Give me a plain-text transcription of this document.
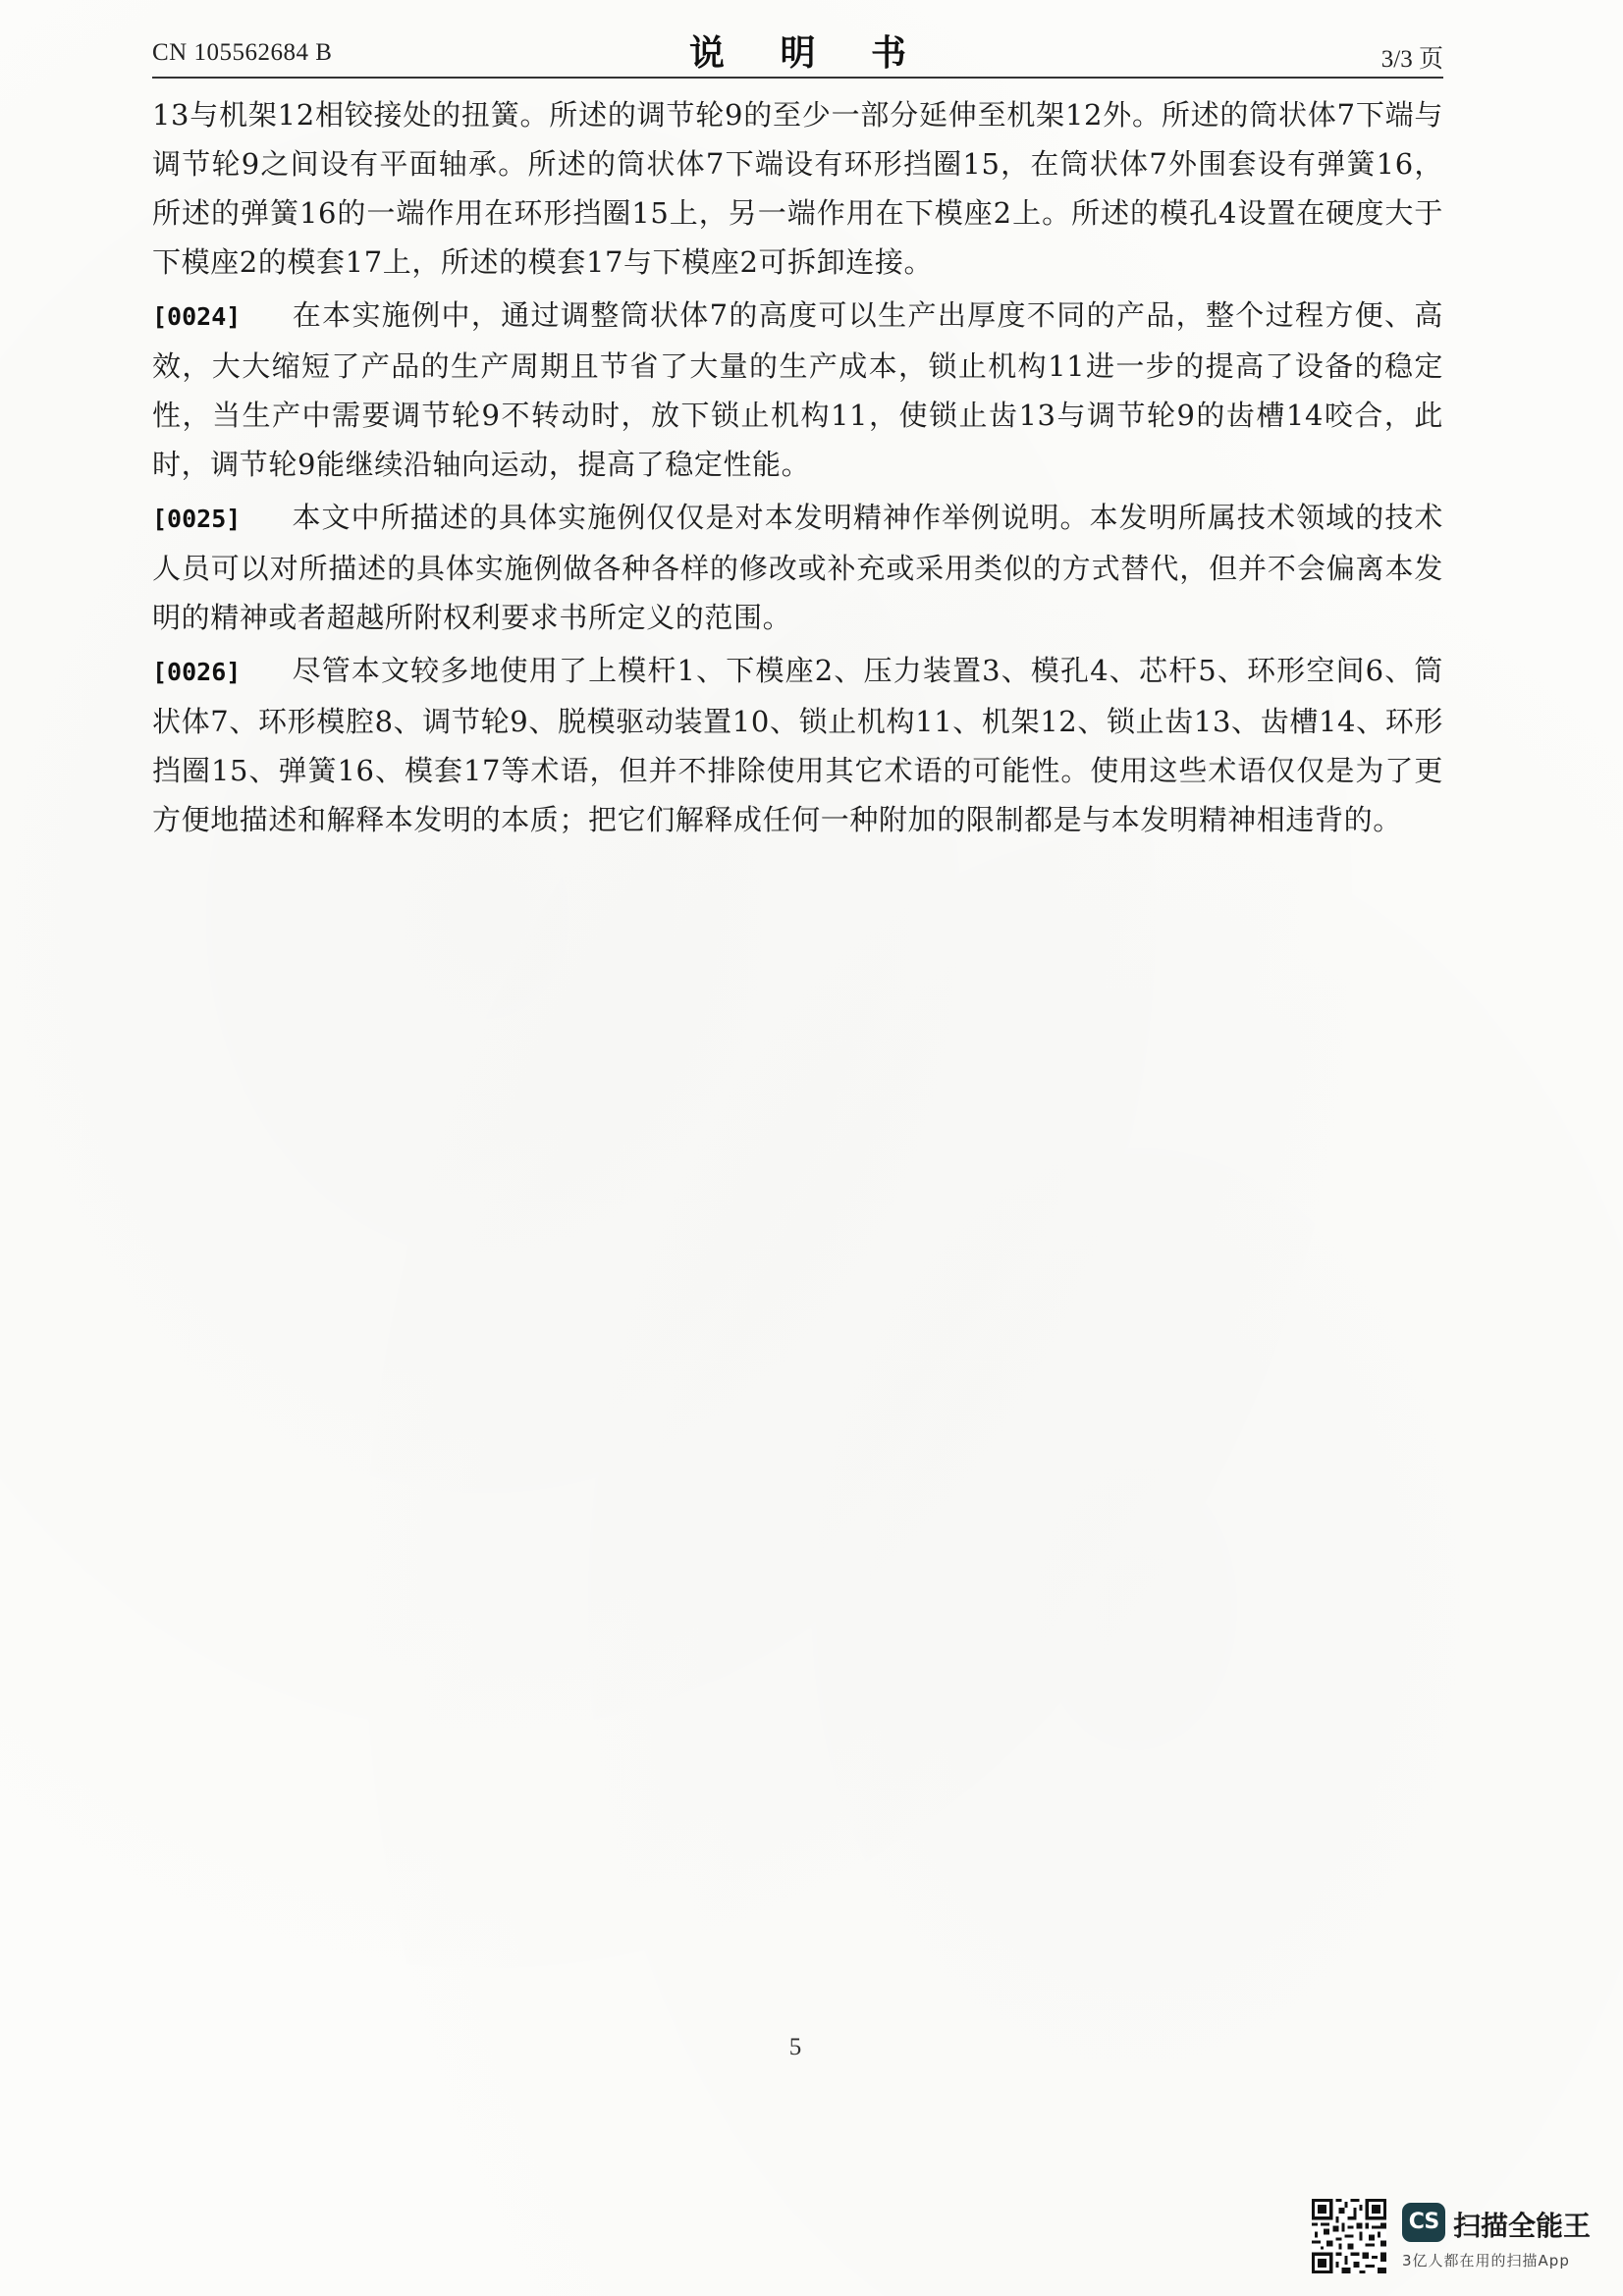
CN 105562684 B	说 明 书	3/3 页

13与机架12相铰接处的扭簧。所述的调节轮9的至少一部分延伸至机架12外。所述的筒状体7下端与调节轮9之间设有平面轴承。所述的筒状体7下端设有环形挡圈15，在筒状体7外围套设有弹簧16，所述的弹簧16的一端作用在环形挡圈15上，另一端作用在下模座2上。所述的模孔4设置在硬度大于下模座2的模套17上，所述的模套17与下模座2可拆卸连接。

[0024] 在本实施例中，通过调整筒状体7的高度可以生产出厚度不同的产品，整个过程方便、高效，大大缩短了产品的生产周期且节省了大量的生产成本，锁止机构11进一步的提高了设备的稳定性，当生产中需要调节轮9不转动时，放下锁止机构11，使锁止齿13与调节轮9的齿槽14咬合，此时，调节轮9能继续沿轴向运动，提高了稳定性能。

[0025] 本文中所描述的具体实施例仅仅是对本发明精神作举例说明。本发明所属技术领域的技术人员可以对所描述的具体实施例做各种各样的修改或补充或采用类似的方式替代，但并不会偏离本发明的精神或者超越所附权利要求书所定义的范围。

[0026] 尽管本文较多地使用了上模杆1、下模座2、压力装置3、模孔4、芯杆5、环形空间6、筒状体7、环形模腔8、调节轮9、脱模驱动装置10、锁止机构11、机架12、锁止齿13、齿槽14、环形挡圈15、弹簧16、模套17等术语，但并不排除使用其它术语的可能性。使用这些术语仅仅是为了更方便地描述和解释本发明的本质；把它们解释成任何一种附加的限制都是与本发明精神相违背的。

5
CS 扫描全能王
3亿人都在用的扫描App
